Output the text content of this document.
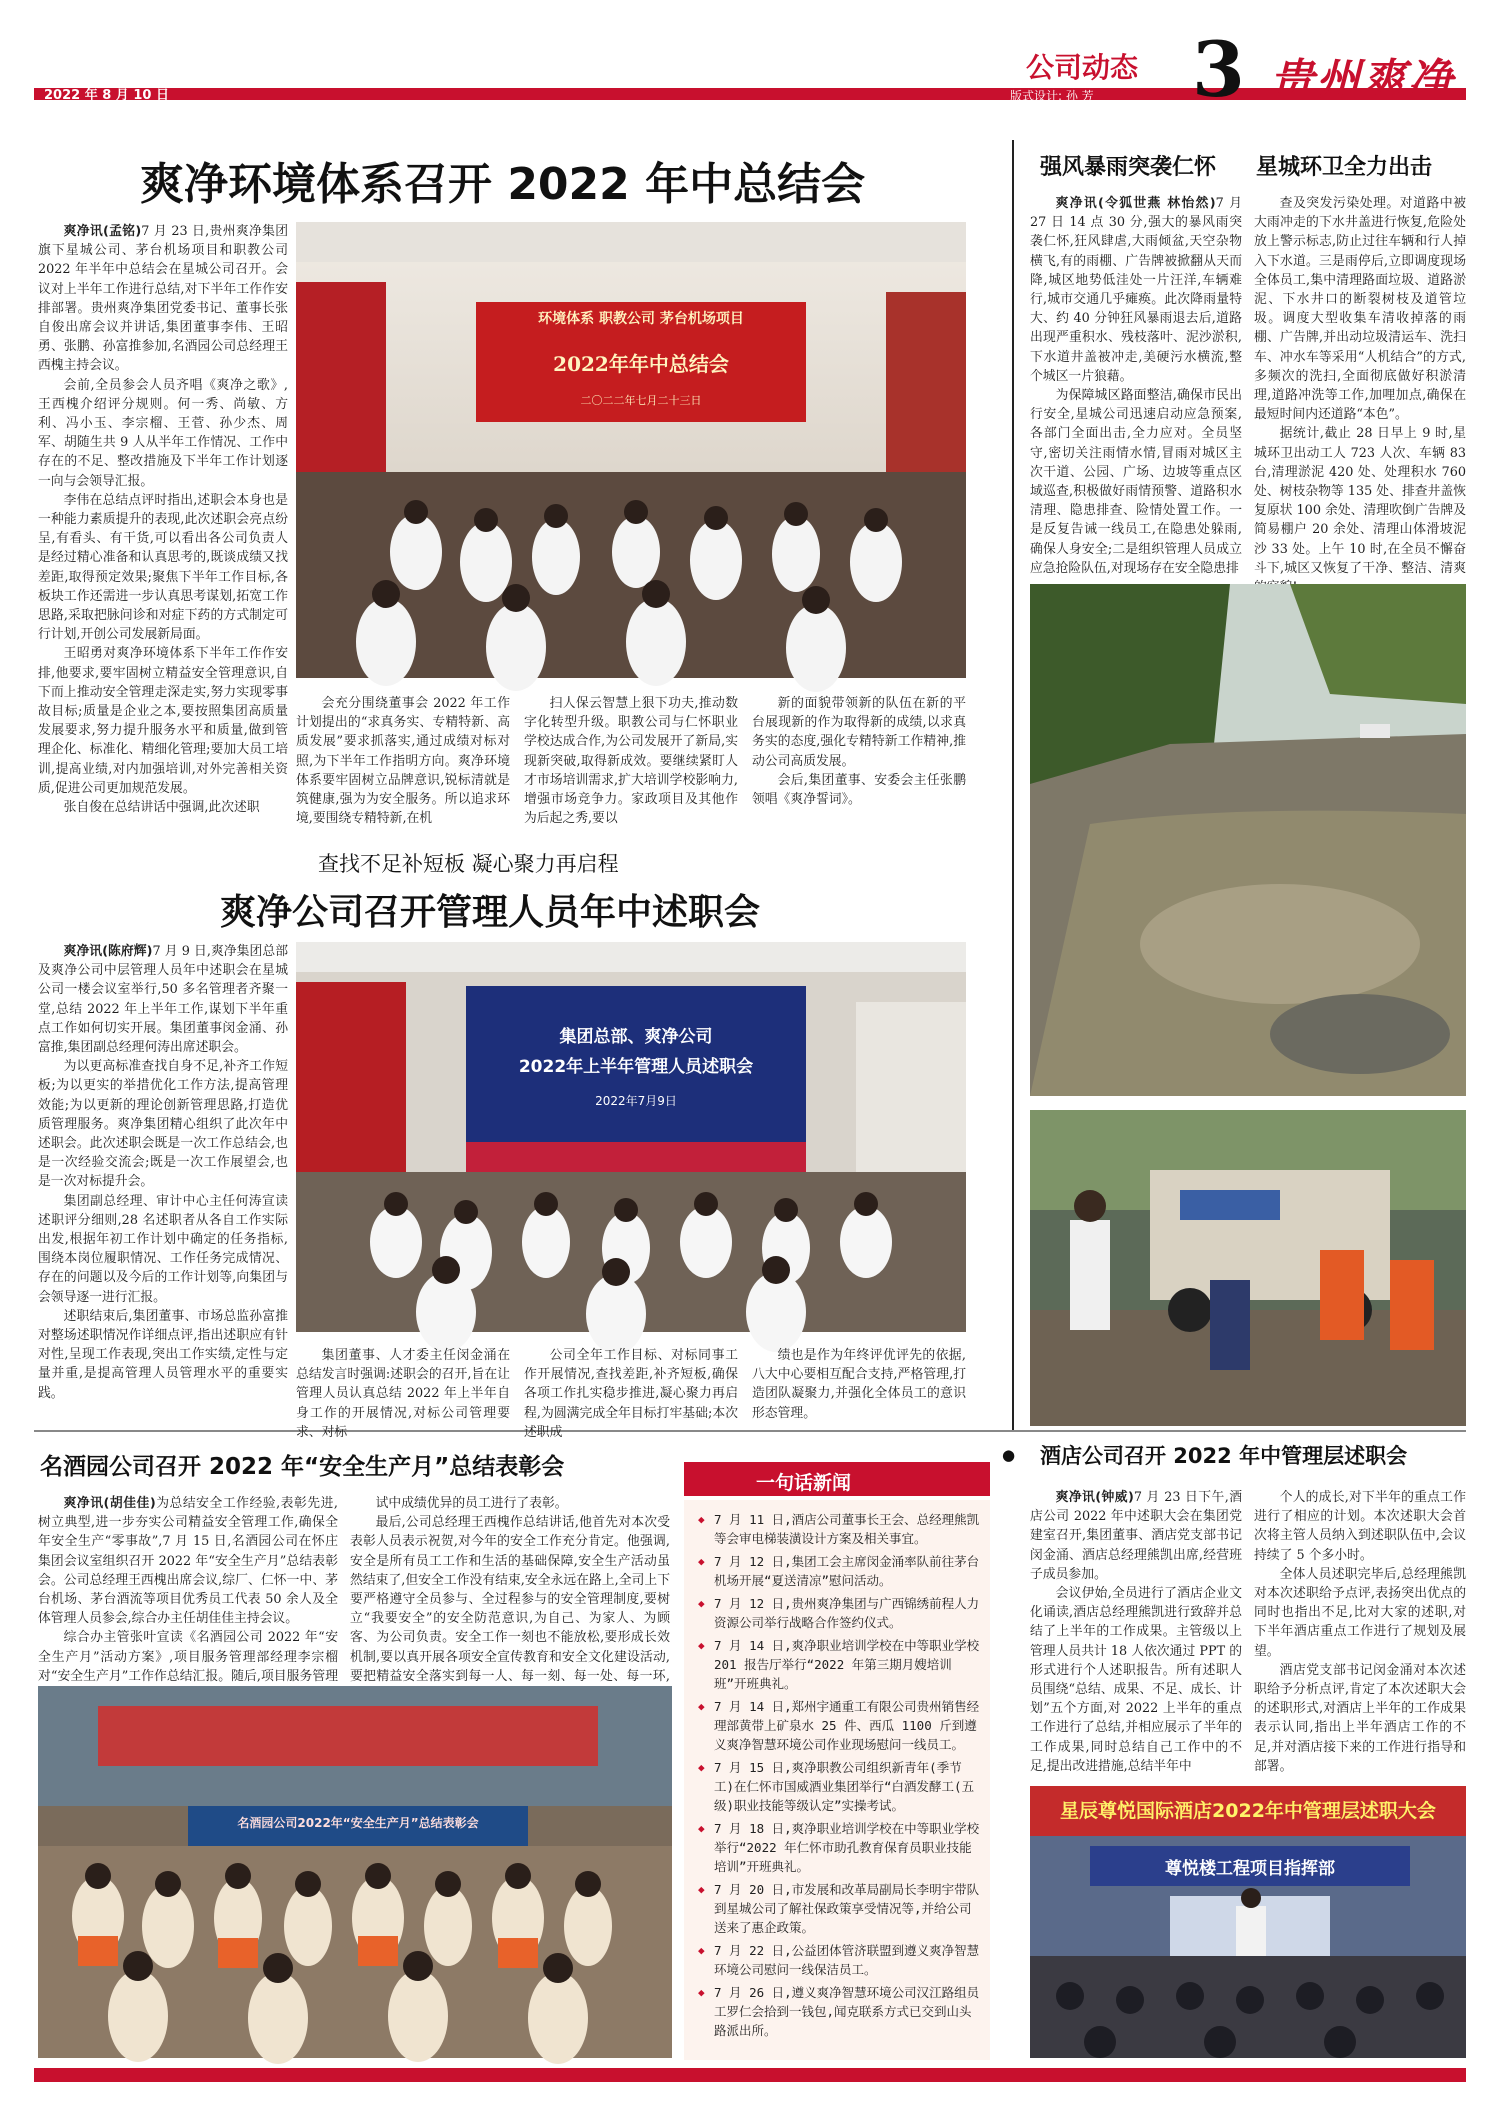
2022 年 8 月 10 日
公司动态
版式设计: 孙 芳 3 贵州爽净
爽净环境体系召开 2022 年中总结会

爽净讯(孟铭)7 月 23 日,贵州爽净集团旗下星城公司、茅台机场项目和职教公司 2022 年半年中总结会在星城公司召开。会议对上半年工作进行总结,对下半年工作作安排部署。贵州爽净集团党委书记、董事长张自俊出席会议并讲话,集团董事李伟、王昭勇、张鹏、孙富推参加,名酒园公司总经理王西槐主持会议。

会前,全员参会人员齐唱《爽净之歌》,王西槐介绍评分规则。何一秀、尚敏、方利、冯小玉、李宗榴、王菅、孙少杰、周军、胡随生共 9 人从半年工作情况、工作中存在的不足、整改措施及下半年工作计划逐一向与会领导汇报。

李伟在总结点评时指出,述职会本身也是一种能力素质提升的表现,此次述职会亮点纷呈,有看头、有干货,可以看出各公司负责人是经过精心准备和认真思考的,既谈成绩又找差距,取得预定效果;聚焦下半年工作目标,各板块工作还需进一步认真思考谋划,拓宽工作思路,采取把脉问诊和对症下药的方式制定可行计划,开创公司发展新局面。

王昭勇对爽净环境体系下半年工作作安排,他要求,要牢固树立精益安全管理意识,自下而上推动安全管理走深走实,努力实现零事故目标;质量是企业之本,要按照集团高质量发展要求,努力提升服务水平和质量,做到管理企化、标准化、精细化管理;要加大员工培训,提高业绩,对内加强培训,对外完善相关资质,促进公司更加规范发展。

张自俊在总结讲话中强调,此次述职

环境体系 职教公司 茅台机场项目
2022年年中总结会
二〇二二年七月二十三日

会充分围绕董事会 2022 年工作计划提出的“求真务实、专精特新、高质发展”要求抓落实,通过成绩对标对照,为下半年工作指明方向。爽净环境体系要牢固树立品牌意识,锐标清就是筑健康,强为为安全服务。所以追求环境,要围绕专精特新,在机

扫人保云智慧上狠下功夫,推动数字化转型升级。职教公司与仁怀职业学校达成合作,为公司发展开了新局,实现新突破,取得新成效。要继续紧盯人才市场培训需求,扩大培训学校影响力,增强市场竞争力。家政项目及其他作为后起之秀,要以

新的面貌带领新的队伍在新的平台展现新的作为取得新的成绩,以求真务实的态度,强化专精特新工作精神,推动公司高质发展。

会后,集团董事、安委会主任张鹏领唱《爽净誓词》。

查找不足补短板 凝心聚力再启程
爽净公司召开管理人员年中述职会

爽净讯(陈府辉)7 月 9 日,爽净集团总部及爽净公司中层管理人员年中述职会在星城公司一楼会议室举行,50 多名管理者齐聚一堂,总结 2022 年上半年工作,谋划下半年重点工作如何切实开展。集团董事闵金涌、孙富推,集团副总经理何涛出席述职会。

为以更高标准查找自身不足,补齐工作短板;为以更实的举措优化工作方法,提高管理效能;为以更新的理论创新管理思路,打造优质管理服务。爽净集团精心组织了此次年中述职会。此次述职会既是一次工作总结会,也是一次经验交流会;既是一次工作展望会,也是一次对标提升会。

集团副总经理、审计中心主任何涛宣读述职评分细则,28 名述职者从各自工作实际出发,根据年初工作计划中确定的任务指标,围绕本岗位履职情况、工作任务完成情况、存在的问题以及今后的工作计划等,向集团与会领导逐一进行汇报。

述职结束后,集团董事、市场总监孙富推对整场述职情况作详细点评,指出述职应有针对性,呈现工作表现,突出工作实绩,定性与定量并重,是提高管理人员管理水平的重要实践。

集团总部、爽净公司
2022年上半年管理人员述职会
2022年7月9日

集团董事、人才委主任闵金涌在总结发言时强调:述职会的召开,旨在让管理人员认真总结 2022 年上半年自身工作的开展情况,对标公司管理要求、对标

公司全年工作目标、对标同事工作开展情况,查找差距,补齐短板,确保各项工作扎实稳步推进,凝心聚力再启程,为圆满完成全年目标打牢基础;本次述职成

绩也是作为年终评优评先的依据,八大中心要相互配合支持,严格管理,打造团队凝聚力,并强化全体员工的意识形态管理。

名酒园公司召开 2022 年“安全生产月”总结表彰会

爽净讯(胡佳佳)为总结安全工作经验,表彰先进,树立典型,进一步夯实公司精益安全管理工作,确保全年安全生产“零事故”,7 月 15 日,名酒园公司在怀庄集团会议室组织召开 2022 年“安全生产月”总结表彰会。公司总经理王西槐出席会议,综厂、仁怀一中、茅台机场、茅台酒流等项目优秀员工代表 50 余人及全体管理人员参会,综合办主任胡佳佳主持会议。

综合办主管张叶宣读《名酒园公司 2022 年“安全生产月”活动方案》,项目服务管理部经理李宗榴对“安全生产月”工作作总结汇报。随后,项目服务管理

试中成绩优异的员工进行了表彰。

最后,公司总经理王西槐作总结讲话,他首先对本次受表彰人员表示祝贺,对今年的安全工作充分肯定。他强调,安全是所有员工工作和生活的基础保障,安全生产活动虽然结束了,但安全工作没有结束,安全永远在路上,全司上下要严格遵守全员参与、全过程参与的安全管理制度,要树立“我要安全”的安全防范意识,为自己、为家人、为顾客、为公司负责。安全工作一刻也不能放松,要形成长效机制,要以真开展各项安全宣传教育和安全文化建设活动,要把精益安全落实到每一人、每一刻、每一处、每一环,

名酒园公司2022年“安全生产月”总结表彰会
一句话新闻
◆ 7 月 11 日,酒店公司董事长王会、总经理熊凯等会审电梯装潢设计方案及相关事宜。
◆ 7 月 12 日,集团工会主席闵金涌率队前往茅台机场开展“夏送清凉”慰问活动。
◆ 7 月 12 日,贵州爽净集团与广西锦绣前程人力资源公司举行战略合作签约仪式。
◆ 7 月 14 日,爽净职业培训学校在中等职业学校 201 报告厅举行“2022 年第三期月嫂培训班”开班典礼。
◆ 7 月 14 日,郑州宇通重工有限公司贵州销售经理部黄带上矿泉水 25 件、西瓜 1100 斤到遵义爽净智慧环境公司作业现场慰问一线员工。
◆ 7 月 15 日,爽净职教公司组织新青年(季节工)在仁怀市国威酒业集团举行“白酒发酵工(五级)职业技能等级认定”实操考试。
◆ 7 月 18 日,爽净职业培训学校在中等职业学校举行“2022 年仁怀市助孔教育保育员职业技能培训”开班典礼。
◆ 7 月 20 日,市发展和改革局副局长李明宇带队到星城公司了解社保政策享受情况等,并给公司送来了惠企政策。
◆ 7 月 22 日,公益团体管济联盟到遵义爽净智慧环境公司慰问一线保洁员工。
◆ 7 月 26 日,遵义爽净智慧环境公司汉江路组员工罗仁会拾到一钱包,闻克联系方式已交到山头路派出所。
强风暴雨突袭仁怀 星城环卫全力出击

爽净讯(令狐世燕 林怡然)7 月 27 日 14 点 30 分,强大的暴风雨突袭仁怀,狂风肆虐,大雨倾盆,天空杂物横飞,有的雨棚、广告牌被掀翻从天而降,城区地势低洼处一片汪洋,车辆难行,城市交通几乎瘫痪。此次降雨量特大、约 40 分钟狂风暴雨退去后,道路出现严重积水、残枝落叶、泥沙淤积,下水道井盖被冲走,美硬污水横流,整个城区一片狼藉。

为保障城区路面整洁,确保市民出行安全,星城公司迅速启动应急预案,各部门全面出击,全力应对。全员坚守,密切关注雨情水情,冒雨对城区主次干道、公园、广场、边坡等重点区域巡查,积极做好雨情预警、道路积水清理、隐患排查、险情处置工作。一是反复告诫一线员工,在隐患处躲雨,确保人身安全;二是组织管理人员成立应急抢险队伍,对现场存在安全隐患排

查及突发污染处理。对道路中被大雨冲走的下水井盖进行恢复,危险处放上警示标志,防止过往车辆和行人掉入下水道。三是雨停后,立即调度现场全体员工,集中清理路面垃圾、道路淤泥、下水井口的断裂树枝及道管垃圾。调度大型收集车清收掉落的雨棚、广告牌,并出动垃圾清运车、洗扫车、冲水车等采用“人机结合”的方式,多频次的洗扫,全面彻底做好积淤清理,道路冲洗等工作,加哩加点,确保在最短时间内还道路“本色”。

据统计,截止 28 日早上 9 时,星城环卫出动工人 723 人次、车辆 83 台,清理淤泥 420 处、处理积水 760 处、树枝杂物等 135 处、排查井盖恢复原状 100 余处、清理吹倒广告牌及简易棚户 20 余处、清理山体滑坡泥沙 33 处。上午 10 时,在全员不懈奋斗下,城区又恢复了干净、整洁、清爽

● 酒店公司召开 2022 年中管理层述职会

爽净讯(钟威)7 月 23 日下午,酒店公司 2022 年中述职大会在集团党建室召开,集团董事、酒店党支部书记闵金涌、酒店总经理熊凯出席,经营班子成员参加。

会议伊始,全员进行了酒店企业文化诵读,酒店总经理熊凯进行致辞并总结了上半年的工作成果。主管级以上管理人员共计 18 人依次通过 PPT 的形式进行个人述职报告。所有述职人员围绕“总结、成果、不足、成长、计划”五个方面,对 2022 上半年的重点工作进行了总结,并相应展示了半年的工作成果,同时总结自己工作中的不足,提出改进措施,总结半年中

个人的成长,对下半年的重点工作进行了相应的计划。本次述职大会首次将主管人员纳入到述职队伍中,会议持续了 5 个多小时。

全体人员述职完毕后,总经理熊凯对本次述职给予点评,表扬突出优点的同时也指出不足,比对大家的述职,对下半年酒店重点工作进行了规划及展望。

酒店党支部书记闵金涌对本次述职给予分析点评,肯定了本次述职大会的述职形式,对酒店上半年的工作成果表示认同,指出上半年酒店工作的不足,并对酒店接下来的工作进行指导和部署。

星辰尊悦国际酒店2022年中管理层述职大会
尊悦楼工程项目指挥部
